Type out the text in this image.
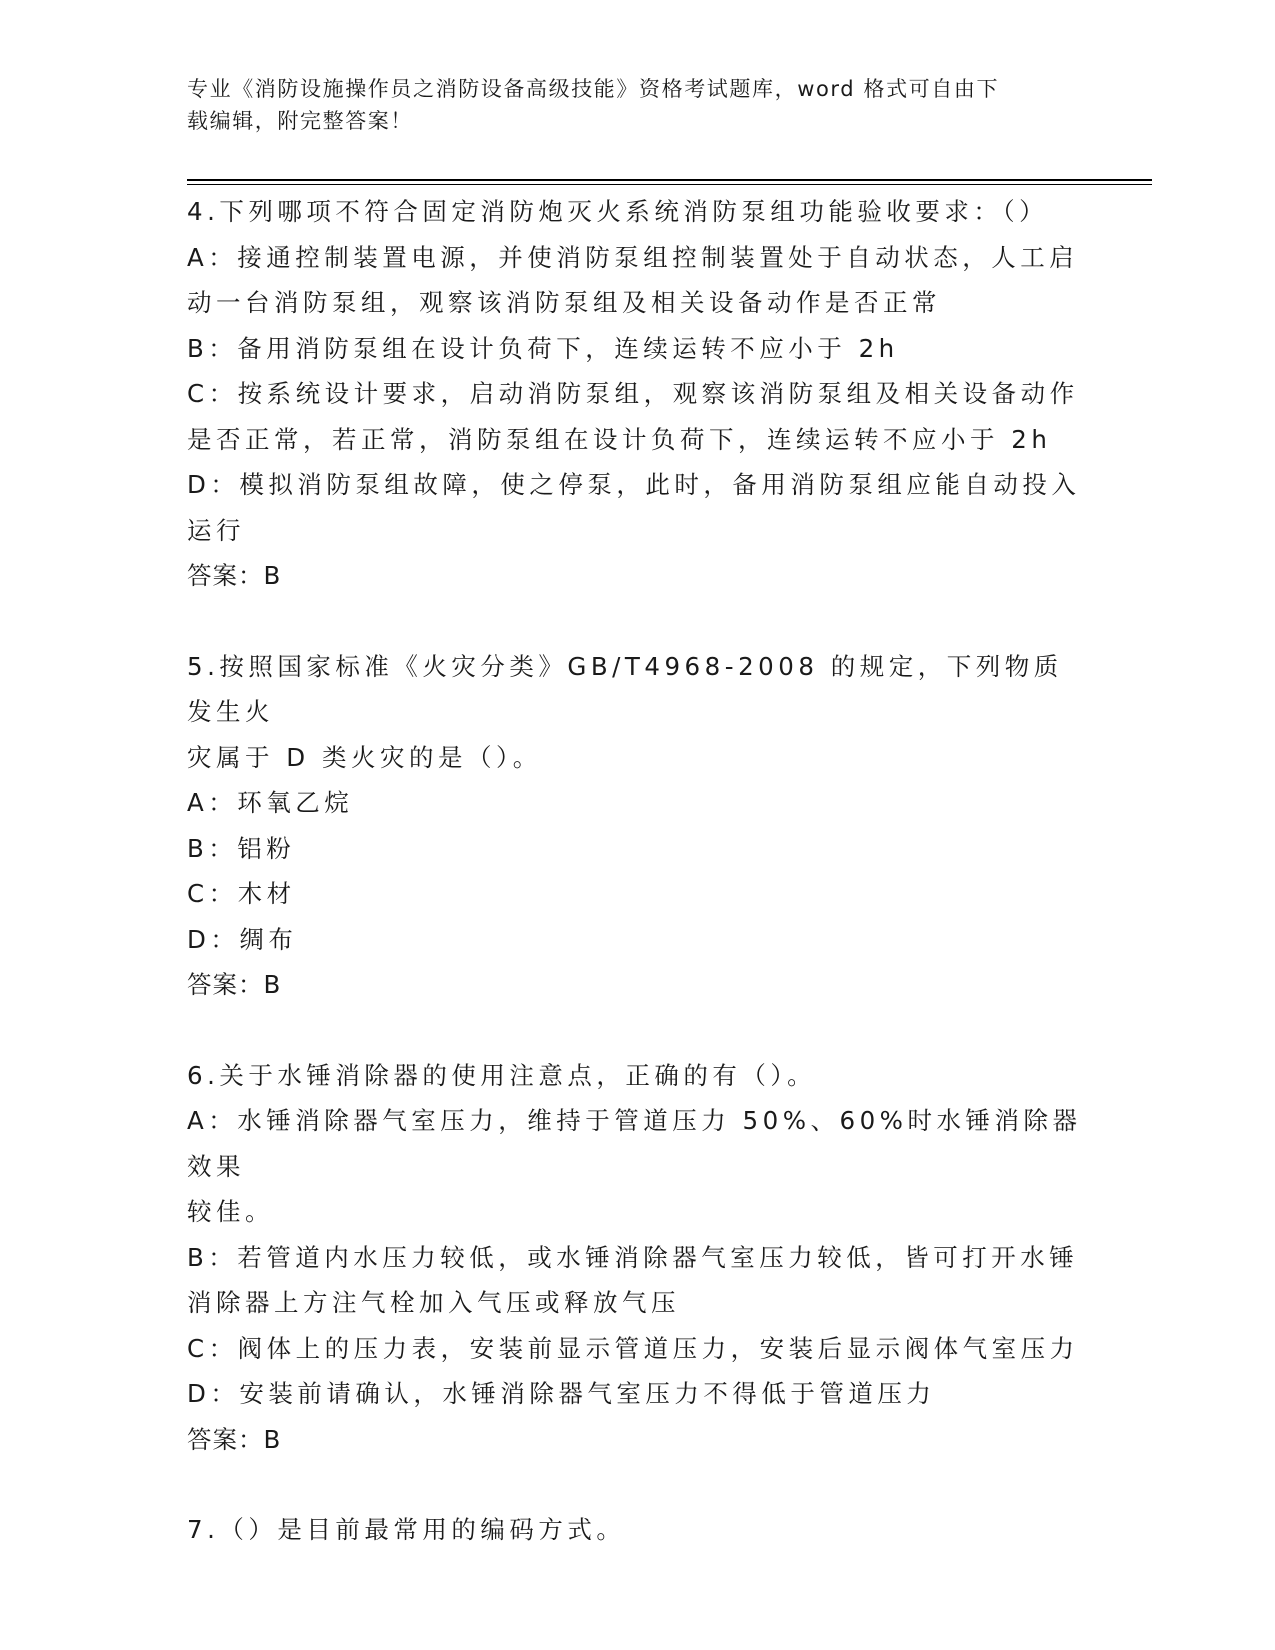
专业《消防设施操作员之消防设备高级技能》资格考试题库，word 格式可自由下
载编辑，附完整答案！
4.下列哪项不符合固定消防炮灭火系统消防泵组功能验收要求：（）
A：接通控制装置电源，并使消防泵组控制装置处于自动状态，人工启
动一台消防泵组，观察该消防泵组及相关设备动作是否正常
B：备用消防泵组在设计负荷下，连续运转不应小于 2h
C：按系统设计要求，启动消防泵组，观察该消防泵组及相关设备动作
是否正常，若正常，消防泵组在设计负荷下，连续运转不应小于 2h
D：模拟消防泵组故障，使之停泵，此时，备用消防泵组应能自动投入
运行
答案：B
5.按照国家标准《火灾分类》GB/T4968-2008 的规定，下列物质发生火
灾属于 D 类火灾的是（）。
A：环氧乙烷
B：铝粉
C：木材
D：绸布
答案：B
6.关于水锤消除器的使用注意点，正确的有（）。
A：水锤消除器气室压力，维持于管道压力 50%、60%时水锤消除器效果
较佳。
B：若管道内水压力较低，或水锤消除器气室压力较低，皆可打开水锤
消除器上方注气栓加入气压或释放气压
C：阀体上的压力表，安装前显示管道压力，安装后显示阀体气室压力
D：安装前请确认，水锤消除器气室压力不得低于管道压力
答案：B
7.（）是目前最常用的编码方式。
